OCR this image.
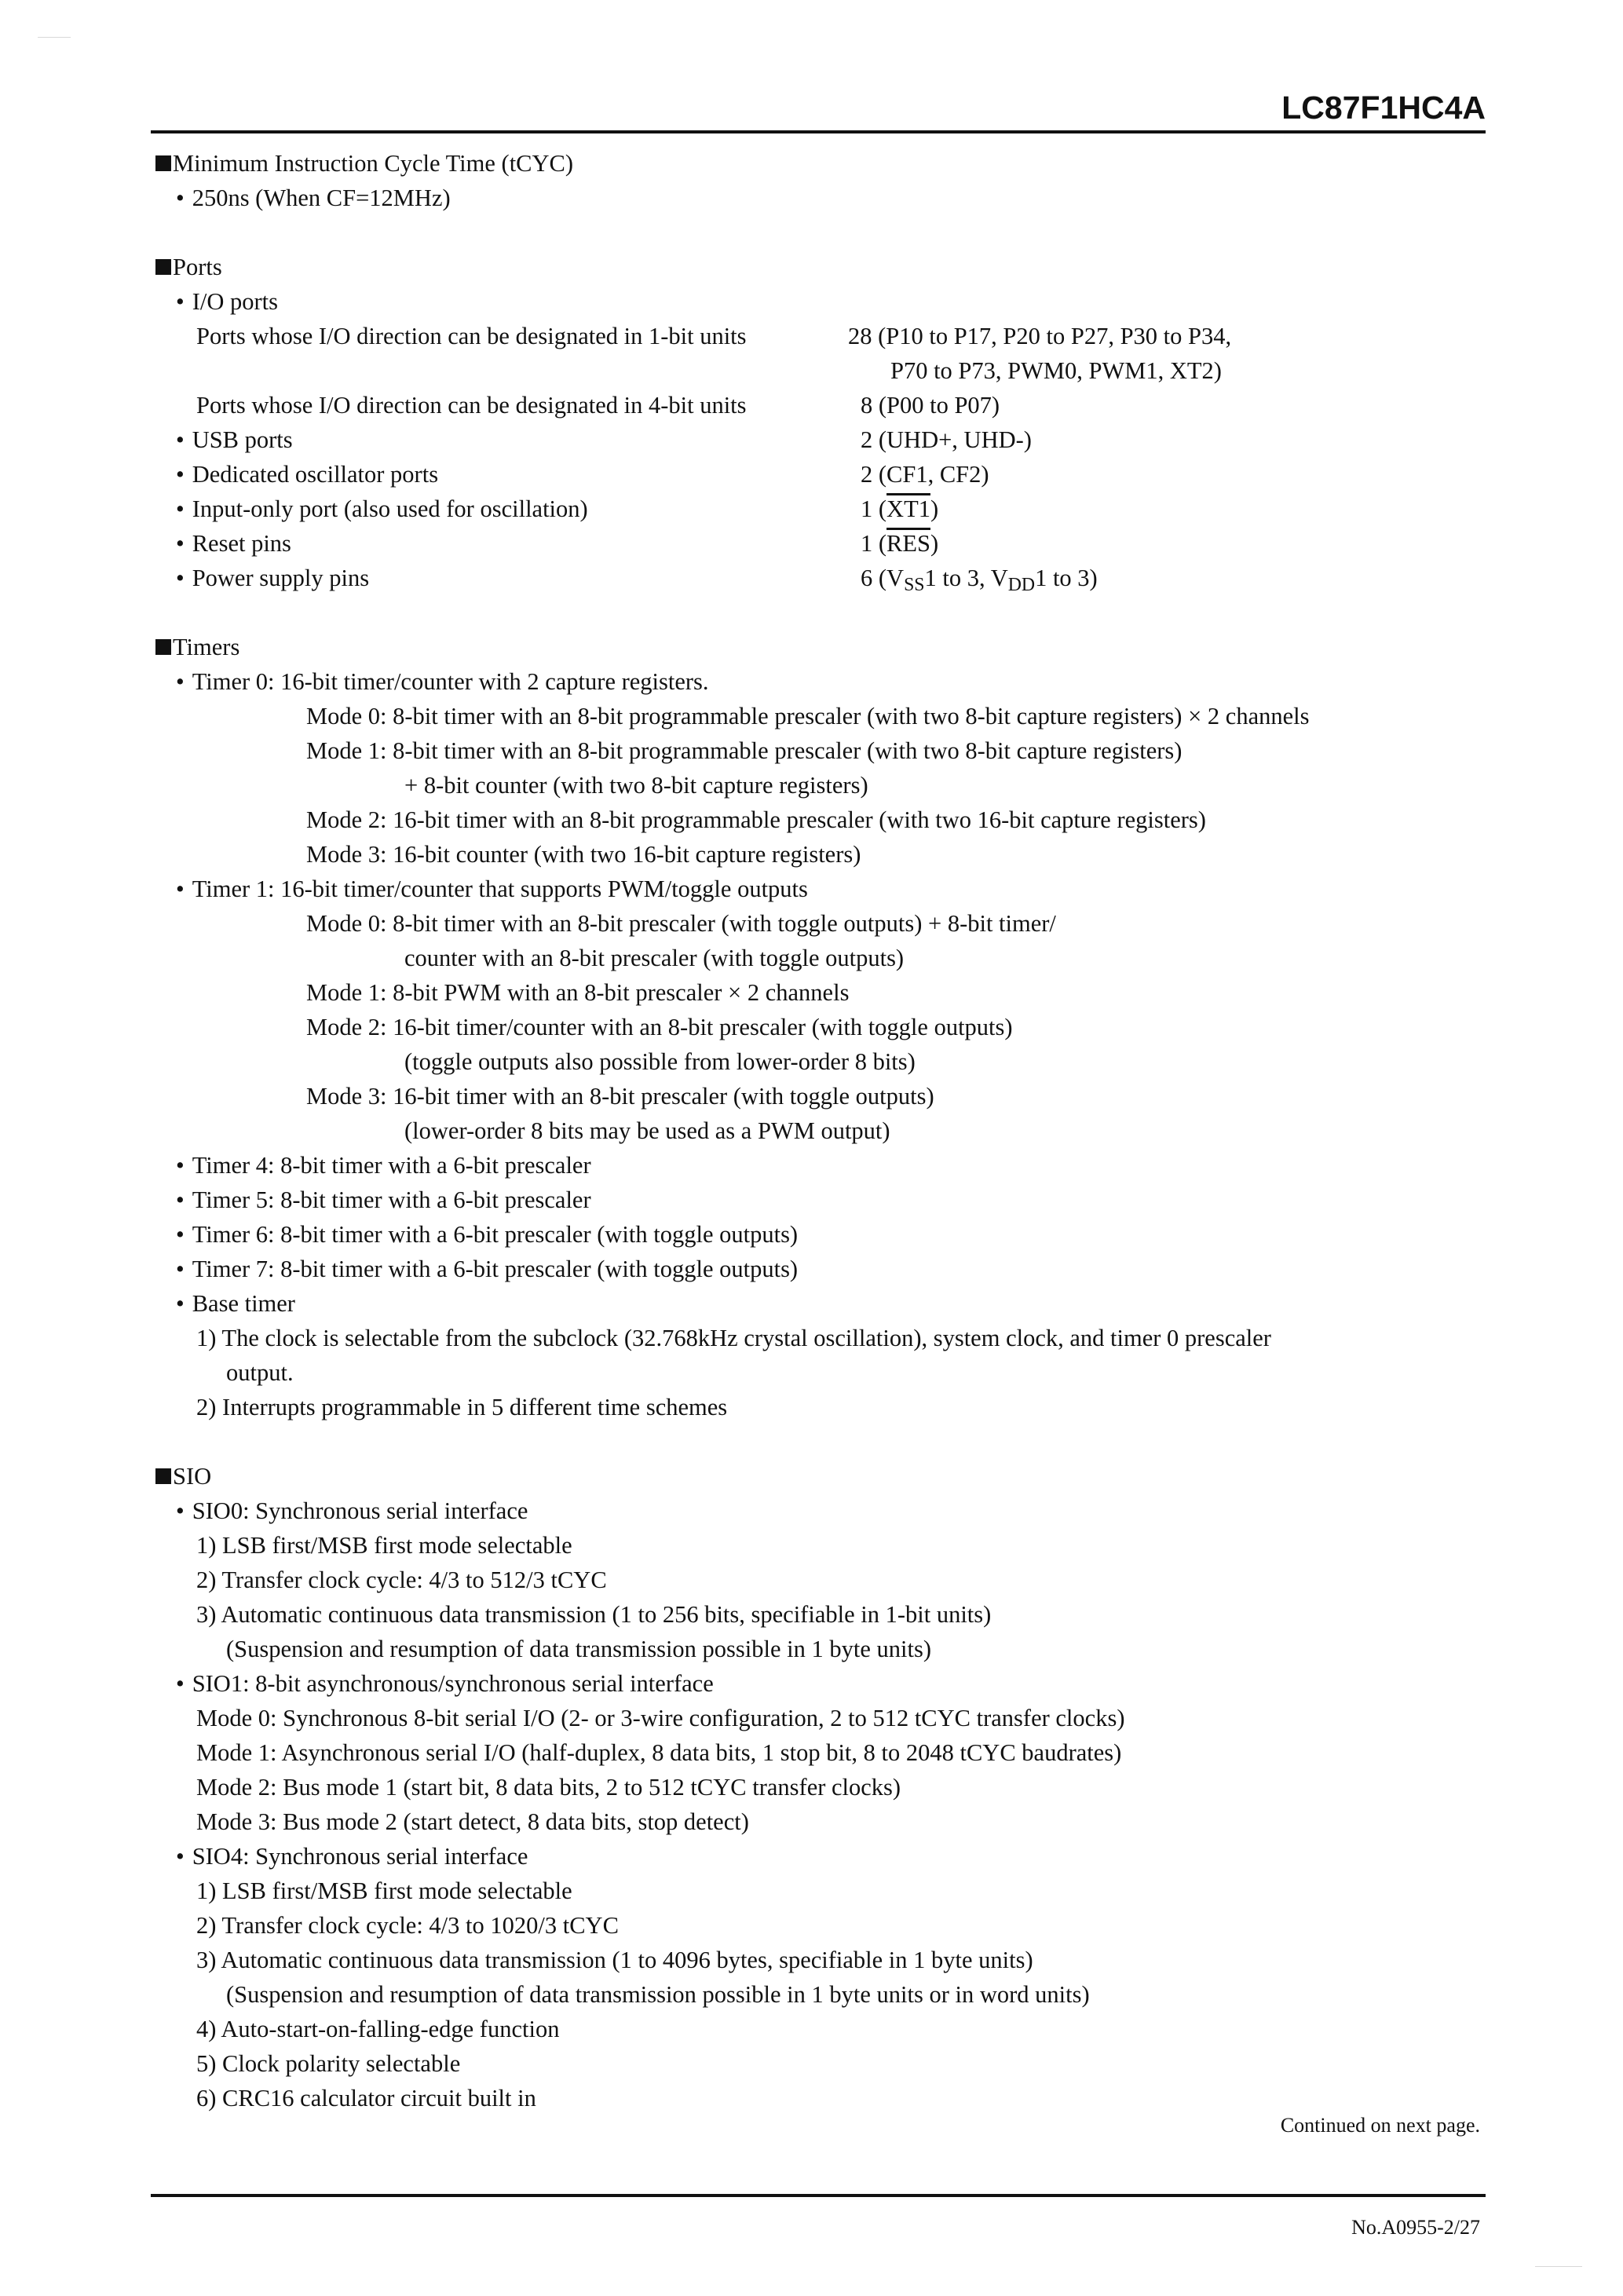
LC87F1HC4A
Minimum Instruction Cycle Time (tCYC)
• 250ns (When CF=12MHz)
Ports
• I/O ports
Ports whose I/O direction can be designated in 1-bit units	28 (P10 to P17, P20 to P27, P30 to P34,
P70 to P73, PWM0, PWM1, XT2)
Ports whose I/O direction can be designated in 4-bit units	8 (P00 to P07)
• USB ports	2 (UHD+, UHD-)
• Dedicated oscillator ports	2 (CF1, CF2)
• Input-only port (also used for oscillation)	1 (XT1)
• Reset pins	1 $(\overline{RES})$
• Power supply pins	6 ($V_{SS}1$ to 3, $V_{DD}1$ to 3)
Timers
• Timer 0: 16-bit timer/counter with 2 capture registers.
Mode 0: 8-bit timer with an 8-bit programmable prescaler (with two 8-bit capture registers) × 2 channels
Mode 1: 8-bit timer with an 8-bit programmable prescaler (with two 8-bit capture registers)
+ 8-bit counter (with two 8-bit capture registers)
Mode 2: 16-bit timer with an 8-bit programmable prescaler (with two 16-bit capture registers)
Mode 3: 16-bit counter (with two 16-bit capture registers)
• Timer 1: 16-bit timer/counter that supports PWM/toggle outputs
Mode 0: 8-bit timer with an 8-bit prescaler (with toggle outputs) + 8-bit timer/
counter with an 8-bit prescaler (with toggle outputs)
Mode 1: 8-bit PWM with an 8-bit prescaler × 2 channels
Mode 2: 16-bit timer/counter with an 8-bit prescaler (with toggle outputs)
(toggle outputs also possible from lower-order 8 bits)
Mode 3: 16-bit timer with an 8-bit prescaler (with toggle outputs)
(lower-order 8 bits may be used as a PWM output)
• Timer 4: 8-bit timer with a 6-bit prescaler
• Timer 5: 8-bit timer with a 6-bit prescaler
• Timer 6: 8-bit timer with a 6-bit prescaler (with toggle outputs)
• Timer 7: 8-bit timer with a 6-bit prescaler (with toggle outputs)
• Base timer
1) The clock is selectable from the subclock (32.768kHz crystal oscillation), system clock, and timer 0 prescaler
output.
2) Interrupts programmable in 5 different time schemes
SIO
• SIO0: Synchronous serial interface
1) LSB first/MSB first mode selectable
2) Transfer clock cycle: 4/3 to 512/3 tCYC
3) Automatic continuous data transmission (1 to 256 bits, specifiable in 1-bit units)
(Suspension and resumption of data transmission possible in 1 byte units)
• SIO1: 8-bit asynchronous/synchronous serial interface
Mode 0: Synchronous 8-bit serial I/O (2- or 3-wire configuration, 2 to 512 tCYC transfer clocks)
Mode 1: Asynchronous serial I/O (half-duplex, 8 data bits, 1 stop bit, 8 to 2048 tCYC baudrates)
Mode 2: Bus mode 1 (start bit, 8 data bits, 2 to 512 tCYC transfer clocks)
Mode 3: Bus mode 2 (start detect, 8 data bits, stop detect)
• SIO4: Synchronous serial interface
1) LSB first/MSB first mode selectable
2) Transfer clock cycle: 4/3 to 1020/3 tCYC
3) Automatic continuous data transmission (1 to 4096 bytes, specifiable in 1 byte units)
(Suspension and resumption of data transmission possible in 1 byte units or in word units)
4) Auto-start-on-falling-edge function
5) Clock polarity selectable
6) CRC16 calculator circuit built in
Continued on next page.
No.A0955-2/27
